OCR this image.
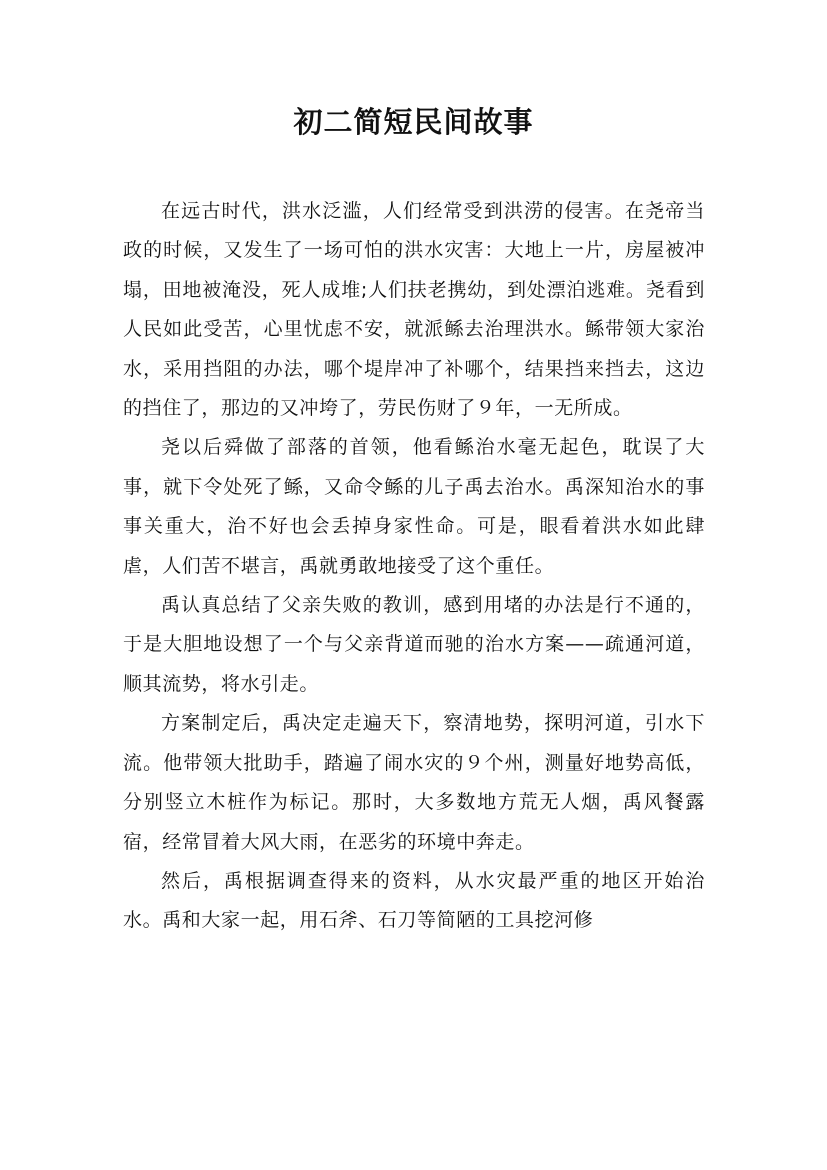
初二简短民间故事

在远古时代，洪水泛滥，人们经常受到洪涝的侵害。在尧帝当政的时候，又发生了一场可怕的洪水灾害：大地上一片，房屋被冲塌，田地被淹没，死人成堆;人们扶老携幼，到处漂泊逃难。尧看到人民如此受苦，心里忧虑不安，就派鲧去治理洪水。鲧带领大家治水，采用挡阻的办法，哪个堤岸冲了补哪个，结果挡来挡去，这边的挡住了，那边的又冲垮了，劳民伤财了９年，一无所成。

尧以后舜做了部落的首领，他看鲧治水毫无起色，耽误了大事，就下令处死了鲧，又命令鲧的儿子禹去治水。禹深知治水的事事关重大，治不好也会丢掉身家性命。可是，眼看着洪水如此肆虐，人们苦不堪言，禹就勇敢地接受了这个重任。

禹认真总结了父亲失败的教训，感到用堵的办法是行不通的，于是大胆地设想了一个与父亲背道而驰的治水方案——疏通河道，顺其流势，将水引走。

方案制定后，禹决定走遍天下，察清地势，探明河道，引水下流。他带领大批助手，踏遍了闹水灾的９个州，测量好地势高低，分别竖立木桩作为标记。那时，大多数地方荒无人烟，禹风餐露宿，经常冒着大风大雨，在恶劣的环境中奔走。

然后，禹根据调查得来的资料，从水灾最严重的地区开始治水。禹和大家一起，用石斧、石刀等简陋的工具挖河修
